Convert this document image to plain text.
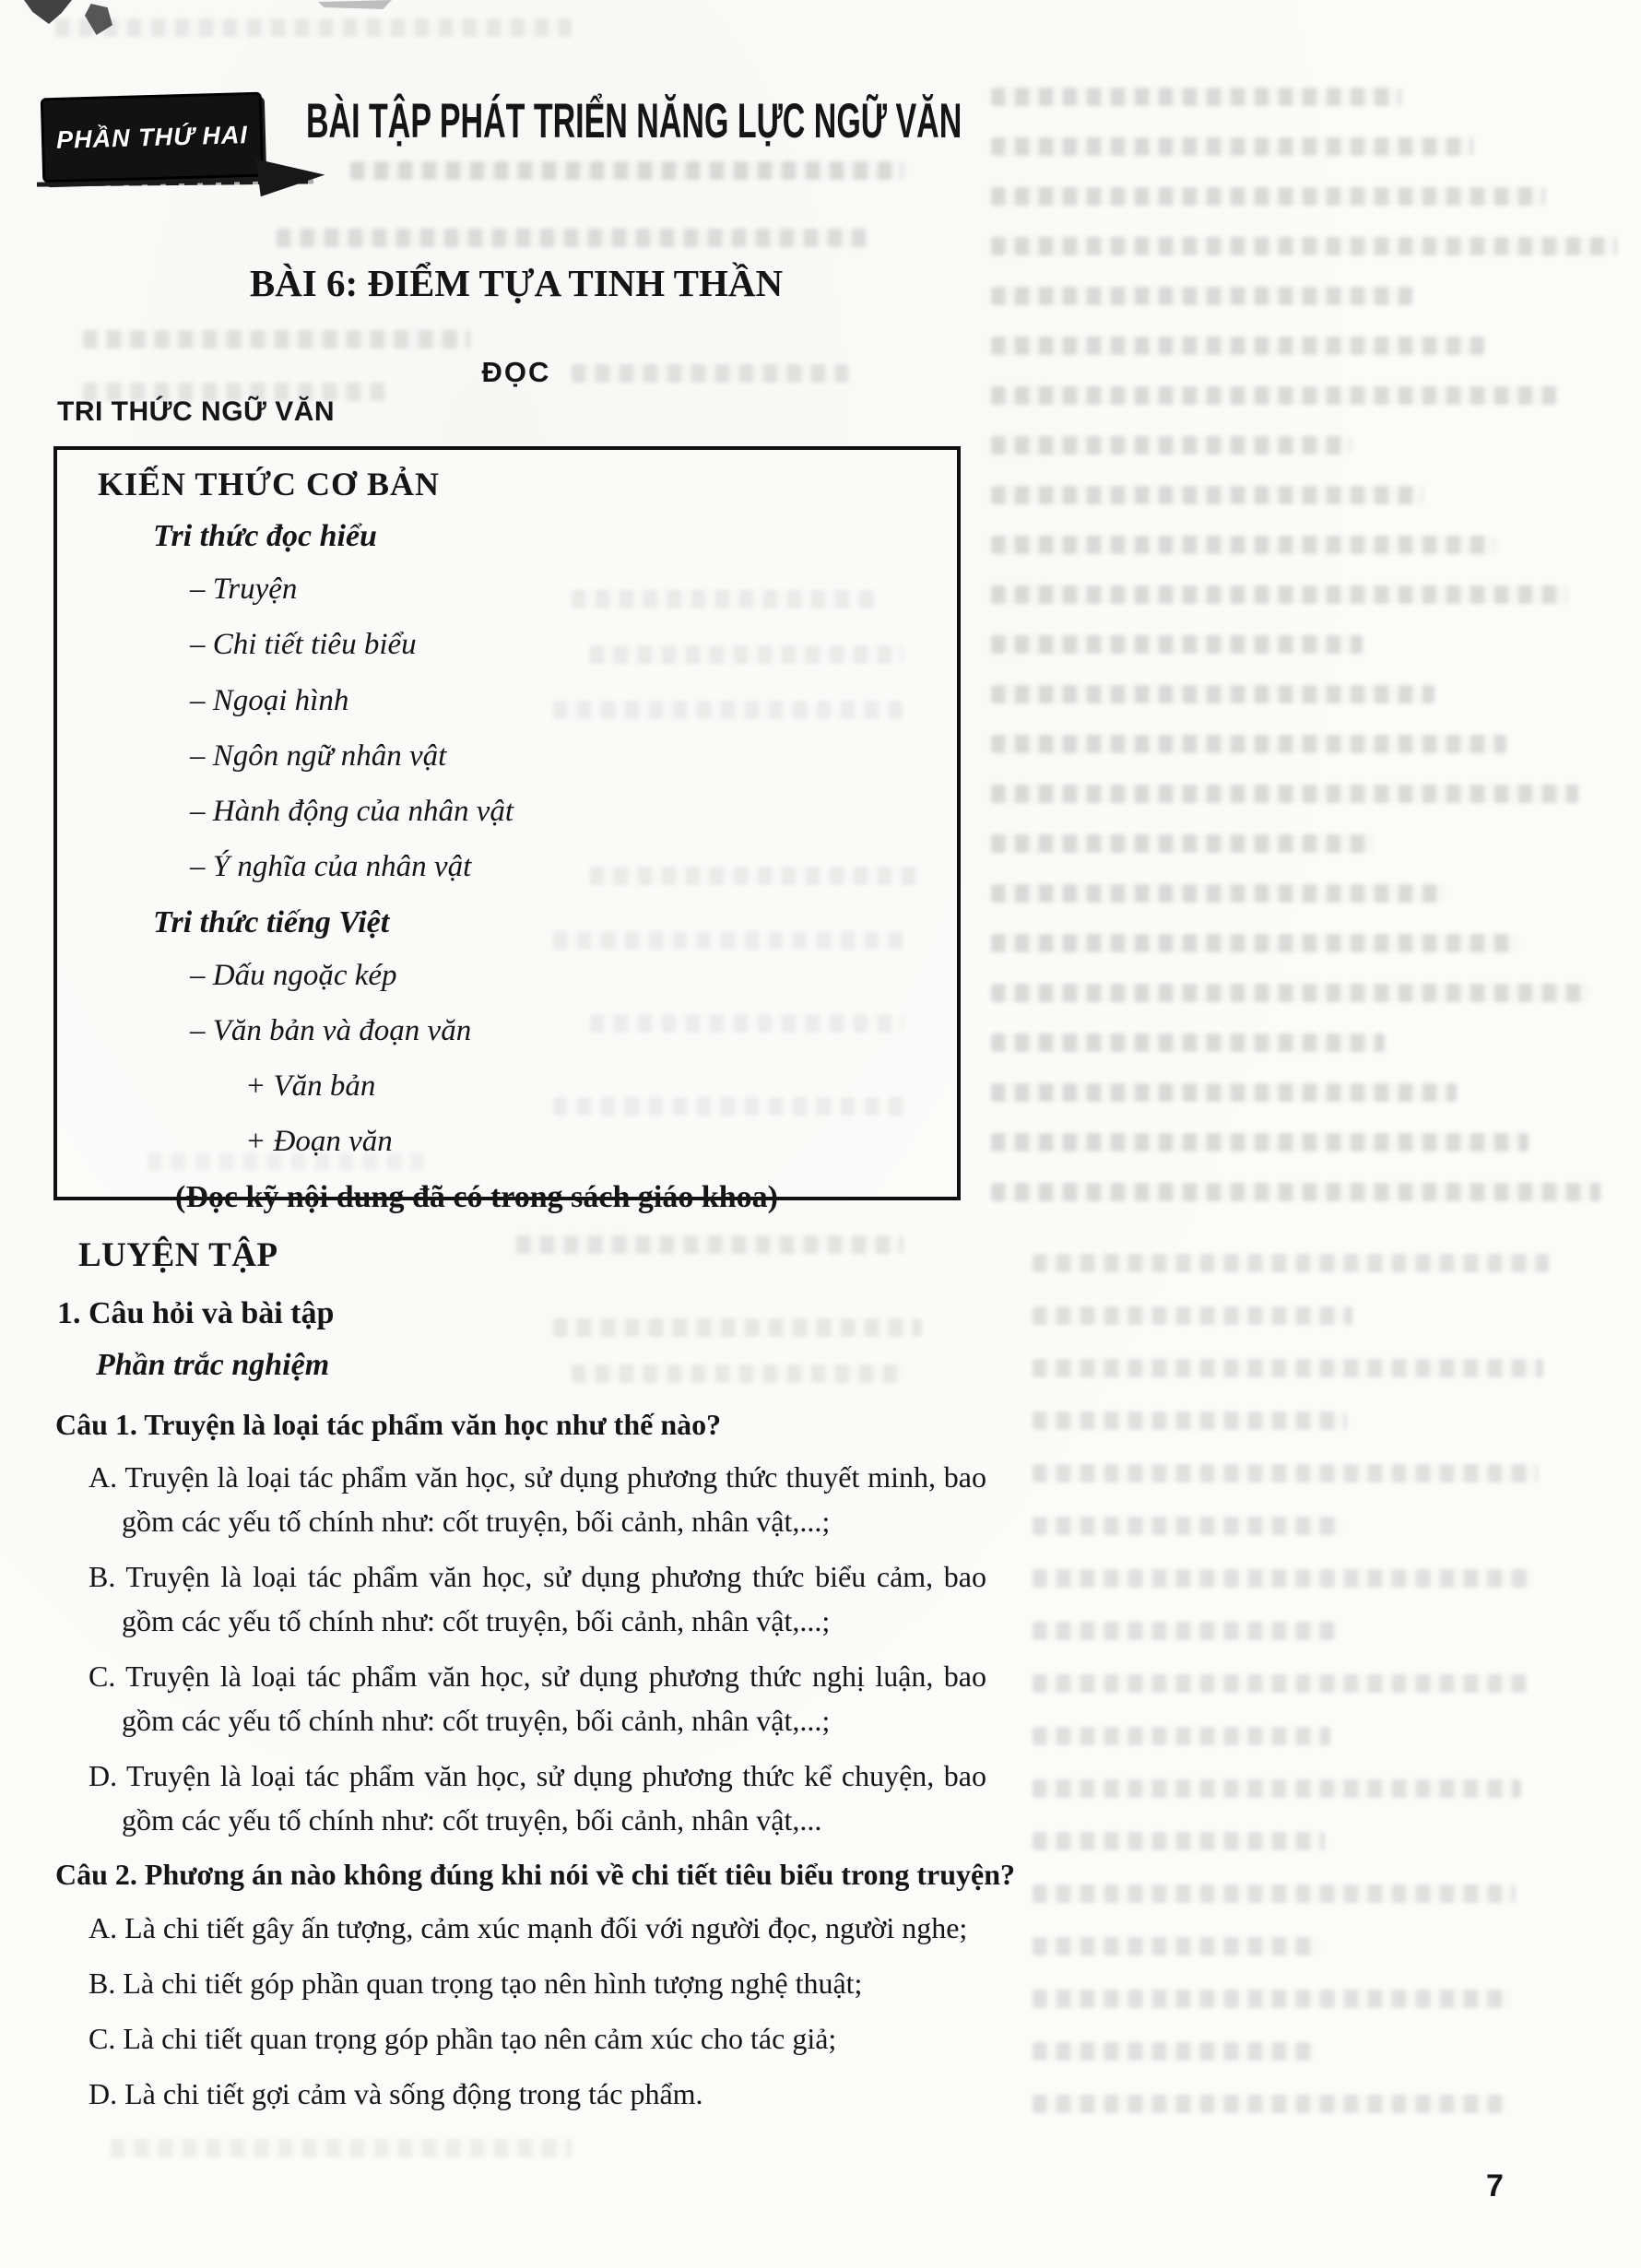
PHẦN THỨ HAI BÀI TẬP PHÁT TRIỂN NĂNG LỰC NGỮ VĂN
BÀI 6: ĐIỂM TỰA TINH THẦN
ĐỌC
TRI THỨC NGỮ VĂN
KIẾN THỨC CƠ BẢN
Tri thức đọc hiểu
– Truyện
– Chi tiết tiêu biểu
– Ngoại hình
– Ngôn ngữ nhân vật
– Hành động của nhân vật
– Ý nghĩa của nhân vật
Tri thức tiếng Việt
– Dấu ngoặc kép
– Văn bản và đoạn văn
+ Văn bản
+ Đoạn văn
(Đọc kỹ nội dung đã có trong sách giáo khoa)
LUYỆN TẬP
1. Câu hỏi và bài tập
Phần trắc nghiệm
Câu 1. Truyện là loại tác phẩm văn học như thế nào?
A. Truyện là loại tác phẩm văn học, sử dụng phương thức thuyết minh, bao gồm các yếu tố chính như: cốt truyện, bối cảnh, nhân vật,...;
B. Truyện là loại tác phẩm văn học, sử dụng phương thức biểu cảm, bao gồm các yếu tố chính như: cốt truyện, bối cảnh, nhân vật,...;
C. Truyện là loại tác phẩm văn học, sử dụng phương thức nghị luận, bao gồm các yếu tố chính như: cốt truyện, bối cảnh, nhân vật,...;
D. Truyện là loại tác phẩm văn học, sử dụng phương thức kể chuyện, bao gồm các yếu tố chính như: cốt truyện, bối cảnh, nhân vật,...
Câu 2. Phương án nào không đúng khi nói về chi tiết tiêu biểu trong truyện?
A. Là chi tiết gây ấn tượng, cảm xúc mạnh đối với người đọc, người nghe;
B. Là chi tiết góp phần quan trọng tạo nên hình tượng nghệ thuật;
C. Là chi tiết quan trọng góp phần tạo nên cảm xúc cho tác giả;
D. Là chi tiết gợi cảm và sống động trong tác phẩm.
7
